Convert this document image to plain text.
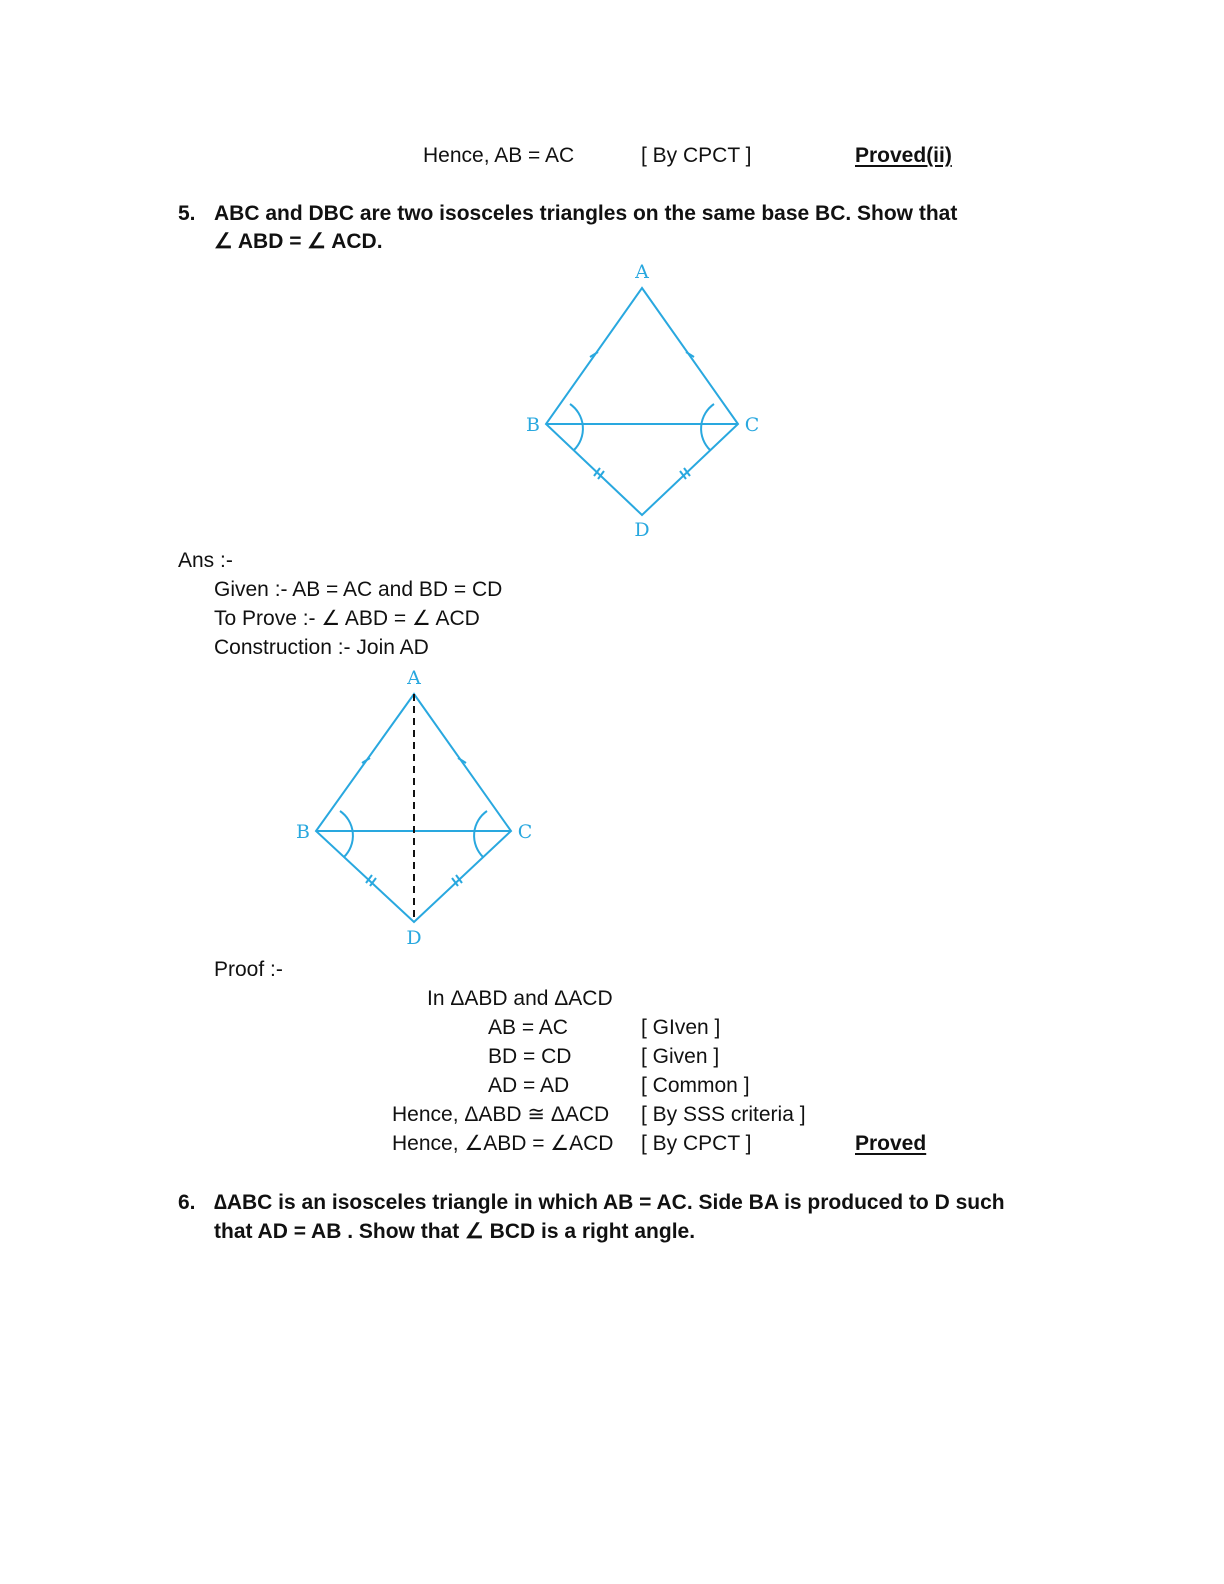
Hence, AB = AC	[ By CPCT ]	Proved(ii)
5. ABC and DBC are two isosceles triangles on the same base BC. Show that
∠ ABD = ∠ ACD.
A
B	C
D
Ans :-
Given :- AB = AC and BD = CD
To Prove :- ∠ ABD = ∠ ACD
Construction :- Join AD
A
B	C
D
Proof :-
In ΔABD and ΔACD
AB = AC	[ GIven ]
BD = CD	[ Given ]
AD = AD	[ Common ]
Hence, ΔABD ≅ ΔACD [ By SSS criteria ]
Hence, ∠ABD = ∠ACD [ By CPCT ]	Proved
6. ∆ABC is an isosceles triangle in which AB = AC. Side BA is produced to D such
that AD = AB . Show that ∠ BCD is a right angle.
